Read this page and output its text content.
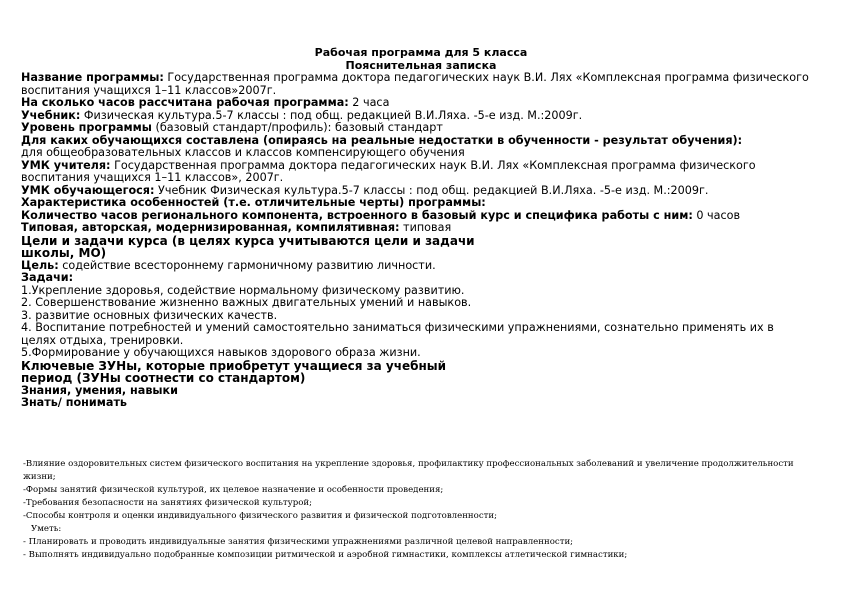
Рабочая программа для 5 класса
Пояснительная записка

Название программы: Государственная программа доктора педагогических наук В.И. Лях «Комплексная программа физического воспитания учащихся 1–11 классов»2007г.

На сколько часов рассчитана рабочая программа: 2 часа

Учебник: Физическая культура.5-7 классы : под общ. редакцией В.И.Ляха. -5-е изд. М.:2009г.

Уровень программы (базовый стандарт/профиль): базовый стандарт

Для каких обучающихся составлена (опираясь на реальные недостатки в обученности - результат обучения):

для общеобразовательных классов и классов компенсирующего обучения

УМК учителя: Государственная программа доктора педагогических наук В.И. Лях «Комплексная программа физического воспитания учащихся 1–11 классов», 2007г.

УМК обучающегося: Учебник Физическая культура.5-7 классы : под общ. редакцией В.И.Ляха. -5-е изд. М.:2009г.

Характеристика особенностей (т.е. отличительные черты) программы:

Количество часов регионального компонента, встроенного в базовый курс и специфика работы с ним: 0 часов

Типовая, авторская, модернизированная, компилятивная: типовая

Цели и задачи курса (в целях курса учитываются цели и задачи

школы, МО)

Цель: содействие всестороннему гармоничному развитию личности.

Задачи:

1.Укрепление здоровья, содействие нормальному физическому развитию.

2. Совершенствование жизненно важных двигательных умений и навыков.

3. развитие основных физических качеств.

4. Воспитание потребностей и умений самостоятельно заниматься физическими упражнениями, сознательно применять их в целях отдыха, тренировки.

5.Формирование у обучающихся навыков здорового образа жизни.

Ключевые ЗУНы, которые приобретут учащиеся за учебный

период (ЗУНы соотнести со стандартом)

Знания, умения, навыки

Знать/ понимать

-Влияние оздоровительных систем физического воспитания на укрепление здоровья, профилактику профессиональных заболеваний и увеличение продолжительности жизни;

-Формы занятий физической культурой, их целевое назначение и особенности проведения;

-Требования безопасности на занятиях физической культурой;

-Способы контроля и оценки индивидуального физического развития и физической подготовленности;

Уметь:

- Планировать и проводить индивидуальные занятия физическими упражнениями различной целевой направленности;

- Выполнять индивидуально подобранные композиции ритмической и аэробной гимнастики, комплексы атлетической гимнастики;
